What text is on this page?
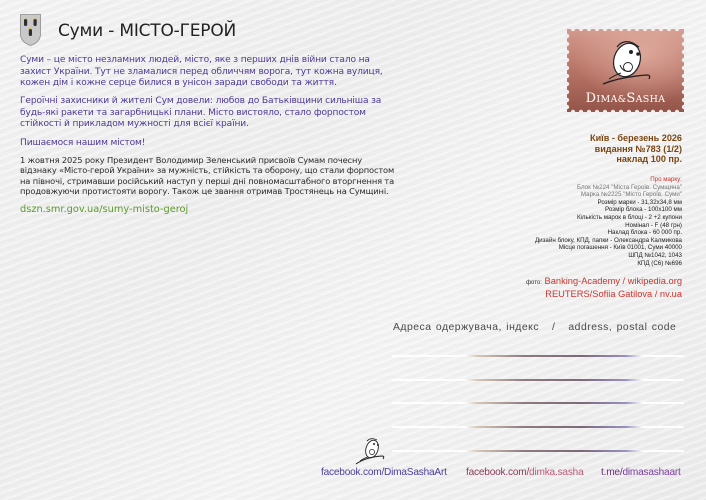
Суми - МІСТО-ГЕРОЙ
Суми – це місто незламних людей, місто, яке з перших днів війни стало на захист України. Тут не зламалися перед обличчям ворога, тут кожна вулиця, кожен дім і кожне серце билися в унісон заради свободи та життя.
Героїчні захисники й жителі Сум довели: любов до Батьківщини сильніша за будь-які ракети та загарбницькі плани. Місто вистояло, стало форпостом стійкості й прикладом мужності для всієї країни.
Пишаємося нашим містом!
1 жовтня 2025 року Президент Володимир Зеленський присвоїв Сумам почесну відзнаку «Місто-герой України» за мужність, стійкість та оборону, що стали форпостом на півночі, стримавши російський наступ у перші дні повномасштабного вторгнення та продовжуючи протистояти ворогу. Також це звання отримав Тростянець на Сумщині.
dszn.smr.gov.ua/sumy-misto-geroj
DIMA&SASHA
Київ - березень 2026
видання №783 (1/2)
наклад 100 пр.
Про марку:
Блок №224 "Міста Героїв. Сумщина"
Марка №2225 "Місто Героїв. Суми"
Розмір марки - 31,32х34,8 мм
Розмір блока - 100х100 мм
Кількість марок в блоці - 2 +2 купони
Номінал - F (48 грн)
Наклад блока - 60 000 пр.
Дизайн блоку, КПД, папки - Олександра Калмикова
Місце погашення - Київ 01001, Суми 40000
ШПД №1042, 1043
КПД (С6) №696
фото: Banking-Academy / wikipedia.org
REUTERS/Sofiia Gatilova / nv.ua
Адреса одержувача, індекс / address, postal code
facebook.com/DimaSashaArt facebook.com/dimka.sasha t.me/dimasashaart
